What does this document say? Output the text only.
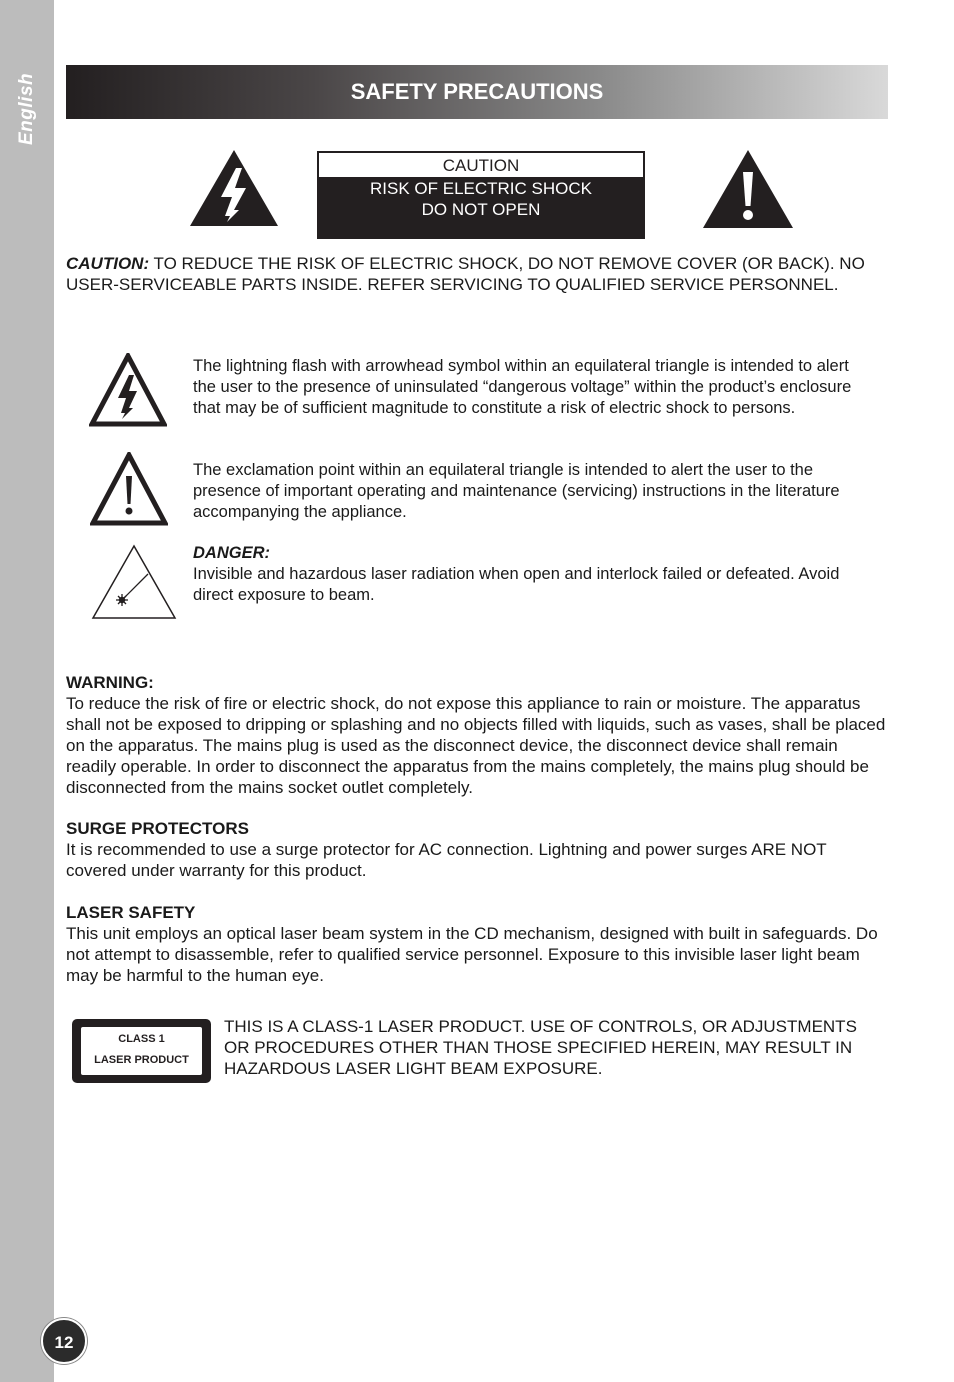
English
12
SAFETY PRECAUTIONS
CAUTION
RISK OF ELECTRIC SHOCK
DO NOT OPEN

CAUTION: TO REDUCE THE RISK OF ELECTRIC SHOCK, DO NOT REMOVE COVER (OR BACK). NO USER-SERVICEABLE PARTS INSIDE. REFER SERVICING TO QUALIFIED SERVICE PERSONNEL.

The lightning flash with arrowhead symbol within an equilateral triangle is intended to alert the user to the presence of uninsulated “dangerous voltage” within the product’s enclosure that may be of sufficient magnitude to constitute a risk of electric shock to persons.

The exclamation point within an equilateral triangle is intended to alert the user to the presence of important operating and maintenance (servicing) instructions in the literature accompanying the appliance.

DANGER:
Invisible and hazardous laser radiation when open and interlock failed or defeated. Avoid direct exposure to beam.

WARNING:
To reduce the risk of fire or electric shock, do not expose this appliance to rain or moisture. The apparatus shall not be exposed to dripping or splashing and no objects filled with liquids, such as vases, shall be placed on the apparatus. The mains plug is used as the disconnect device, the disconnect device shall remain readily operable. In order to disconnect the apparatus from the mains completely, the mains plug should be disconnected from the mains socket outlet completely.

SURGE PROTECTORS
It is recommended to use a surge protector for AC connection. Lightning and power surges ARE NOT covered under warranty for this product.

LASER SAFETY
This unit employs an optical laser beam system in the CD mechanism, designed with built in safeguards. Do not attempt to disassemble, refer to qualified service personnel. Exposure to this invisible laser light beam may be harmful to the human eye.

CLASS 1
LASER PRODUCT

THIS IS A CLASS-1 LASER PRODUCT. USE OF CONTROLS, OR ADJUSTMENTS OR PROCEDURES OTHER THAN THOSE SPECIFIED HEREIN, MAY RESULT IN HAZARDOUS LASER LIGHT BEAM EXPOSURE.
